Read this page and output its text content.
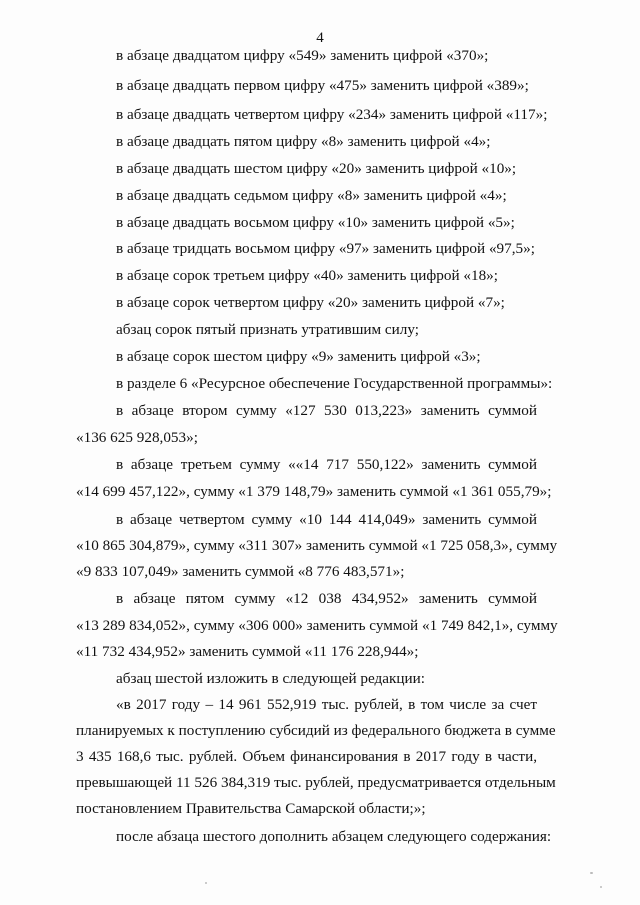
4
в абзаце двадцатом цифру «549» заменить цифрой «370»;
в абзаце двадцать первом цифру «475» заменить цифрой «389»;
в абзаце двадцать четвертом цифру «234» заменить цифрой «117»;
в абзаце двадцать пятом цифру «8» заменить цифрой «4»;
в абзаце двадцать шестом цифру «20» заменить цифрой «10»;
в абзаце двадцать седьмом цифру «8» заменить цифрой «4»;
в абзаце двадцать восьмом цифру «10» заменить цифрой «5»;
в абзаце тридцать восьмом цифру «97» заменить цифрой «97,5»;
в абзаце сорок третьем цифру «40» заменить цифрой «18»;
в абзаце сорок четвертом цифру «20» заменить цифрой «7»;
абзац сорок пятый признать утратившим силу;
в абзаце сорок шестом цифру «9» заменить цифрой «3»;
в разделе 6 «Ресурсное обеспечение Государственной программы»:
в абзаце втором сумму «127 530 013,223» заменить суммой
«136 625 928,053»;
в абзаце третьем сумму ««14 717 550,122» заменить суммой
«14 699 457,122», сумму «1 379 148,79» заменить суммой «1 361 055,79»;
в абзаце четвертом сумму «10 144 414,049» заменить суммой
«10 865 304,879», сумму «311 307» заменить суммой «1 725 058,3», сумму
«9 833 107,049» заменить суммой «8 776 483,571»;
в абзаце пятом сумму «12 038 434,952» заменить суммой
«13 289 834,052», сумму «306 000» заменить суммой «1 749 842,1», сумму
«11 732 434,952» заменить суммой «11 176 228,944»;
абзац шестой изложить в следующей редакции:
«в 2017 году – 14 961 552,919 тыс. рублей, в том числе за счет
планируемых к поступлению субсидий из федерального бюджета в сумме
3 435 168,6 тыс. рублей. Объем финансирования в 2017 году в части,
превышающей 11 526 384,319 тыс. рублей, предусматривается отдельным
постановлением Правительства Самарской области;»;
после абзаца шестого дополнить абзацем следующего содержания:
